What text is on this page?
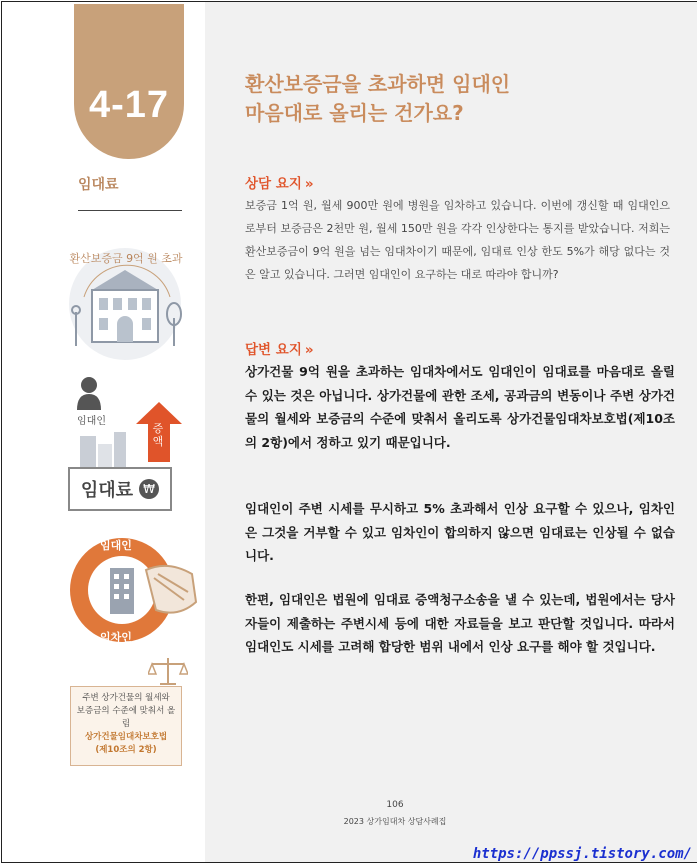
4-17
임대료
환산보증금 9억 원 초과
임대인
증액
임대료 ₩
임대인
임차인
주변 상가건물의 월세와
보증금의 수준에 맞춰서 올림
상가건물임대차보호법
(제10조의 2항)
환산보증금을 초과하면 임대인
마음대로 올리는 건가요?
상담 요지 »
보증금 1억 원, 월세 900만 원에 병원을 임차하고 있습니다. 이번에 갱신할 때 임대인으로부터 보증금은 2천만 원, 월세 150만 원을 각각 인상한다는 통지를 받았습니다. 저희는 환산보증금이 9억 원을 넘는 임대차이기 때문에, 임대료 인상 한도 5%가 해당 없다는 것은 알고 있습니다. 그러면 임대인이 요구하는 대로 따라야 합니까?
답변 요지 »
상가건물 9억 원을 초과하는 임대차에서도 임대인이 임대료를 마음대로 올릴 수 있는 것은 아닙니다. 상가건물에 관한 조세, 공과금의 변동이나 주변 상가건물의 월세와 보증금의 수준에 맞춰서 올리도록 상가건물임대차보호법(제10조의 2항)에서 정하고 있기 때문입니다.
임대인이 주변 시세를 무시하고 5% 초과해서 인상 요구할 수 있으나, 임차인은 그것을 거부할 수 있고 임차인이 합의하지 않으면 임대료는 인상될 수 없습니다.
한편, 임대인은 법원에 임대료 증액청구소송을 낼 수 있는데, 법원에서는 당사자들이 제출하는 주변시세 등에 대한 자료들을 보고 판단할 것입니다. 따라서 임대인도 시세를 고려해 합당한 범위 내에서 인상 요구를 해야 할 것입니다.
106
2023 상가임대차 상담사례집
https://ppssj.tistory.com/
